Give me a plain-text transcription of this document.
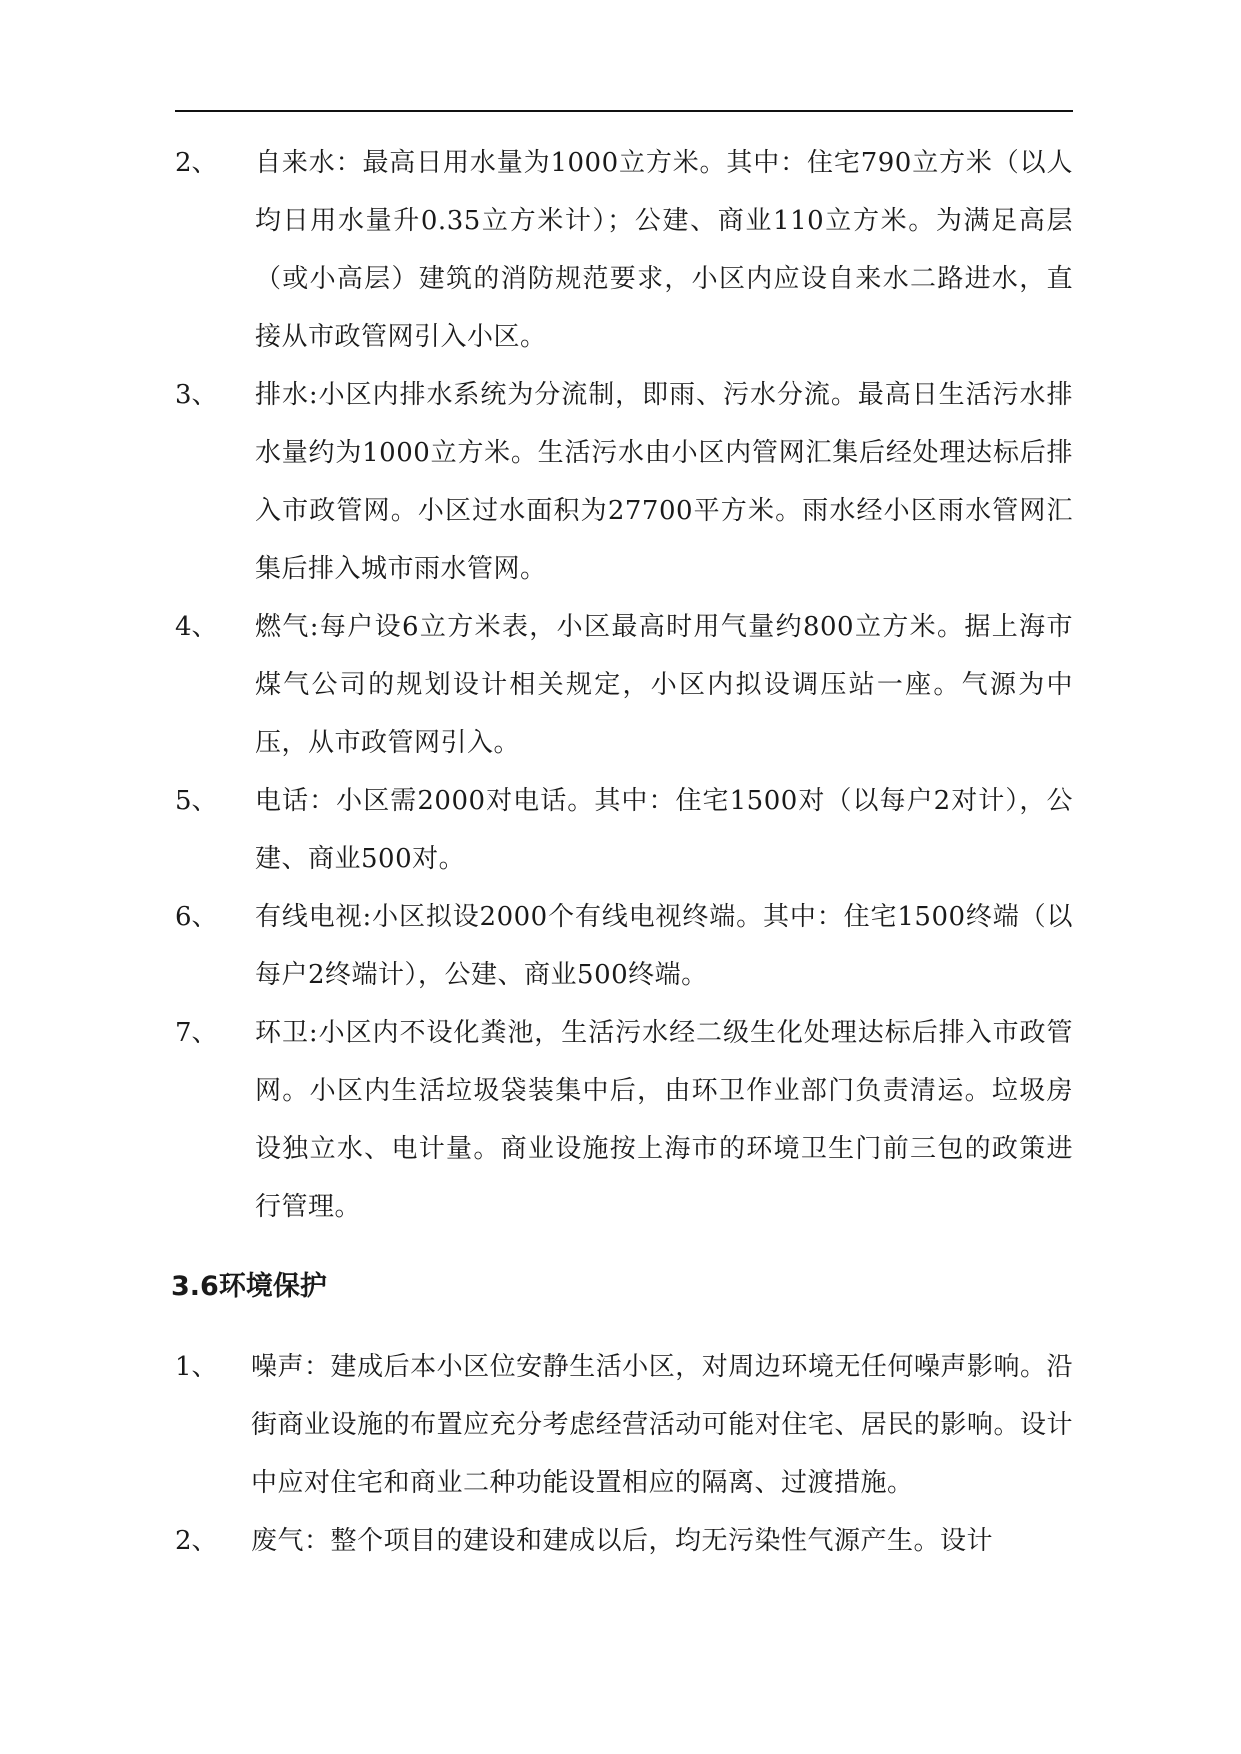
2、	自来水：最高日用水量为1000立方米。其中：住宅790立方米（以人均日用水量升0.35立方米计）；公建、商业110立方米。为满足高层（或小高层）建筑的消防规范要求，小区内应设自来水二路进水，直接从市政管网引入小区。
3、	排水:小区内排水系统为分流制，即雨、污水分流。最高日生活污水排水量约为1000立方米。生活污水由小区内管网汇集后经处理达标后排入市政管网。小区过水面积为27700平方米。雨水经小区雨水管网汇集后排入城市雨水管网。
4、	燃气:每户设6立方米表，小区最高时用气量约800立方米。据上海市煤气公司的规划设计相关规定，小区内拟设调压站一座。气源为中压，从市政管网引入。
5、	电话：小区需2000对电话。其中：住宅1500对（以每户2对计），公建、商业500对。
6、	有线电视:小区拟设2000个有线电视终端。其中：住宅1500终端（以每户2终端计），公建、商业500终端。
7、	环卫:小区内不设化粪池，生活污水经二级生化处理达标后排入市政管网。小区内生活垃圾袋装集中后，由环卫作业部门负责清运。垃圾房设独立水、电计量。商业设施按上海市的环境卫生门前三包的政策进行管理。
3.6环境保护
1、	噪声：建成后本小区位安静生活小区，对周边环境无任何噪声影响。沿街商业设施的布置应充分考虑经营活动可能对住宅、居民的影响。设计中应对住宅和商业二种功能设置相应的隔离、过渡措施。
2、	废气：整个项目的建设和建成以后，均无污染性气源产生。设计
